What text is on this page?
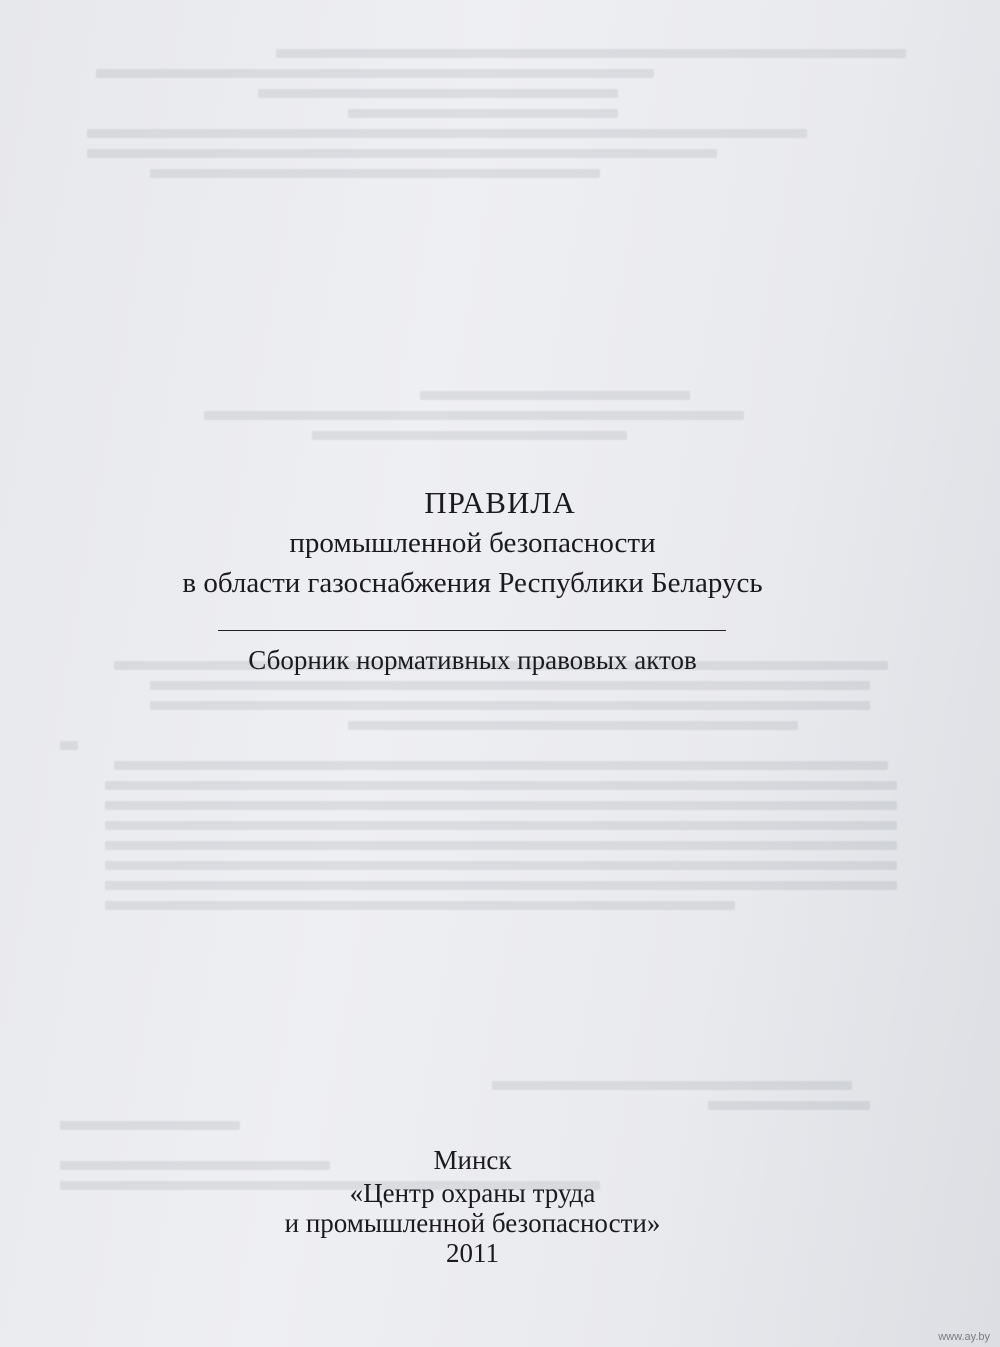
ПРАВИЛА
промышленной безопасности
в области газоснабжения Республики Беларусь
Сборник нормативных правовых актов
Минск
«Центр охраны труда
и промышленной безопасности»
2011
www.ay.by
